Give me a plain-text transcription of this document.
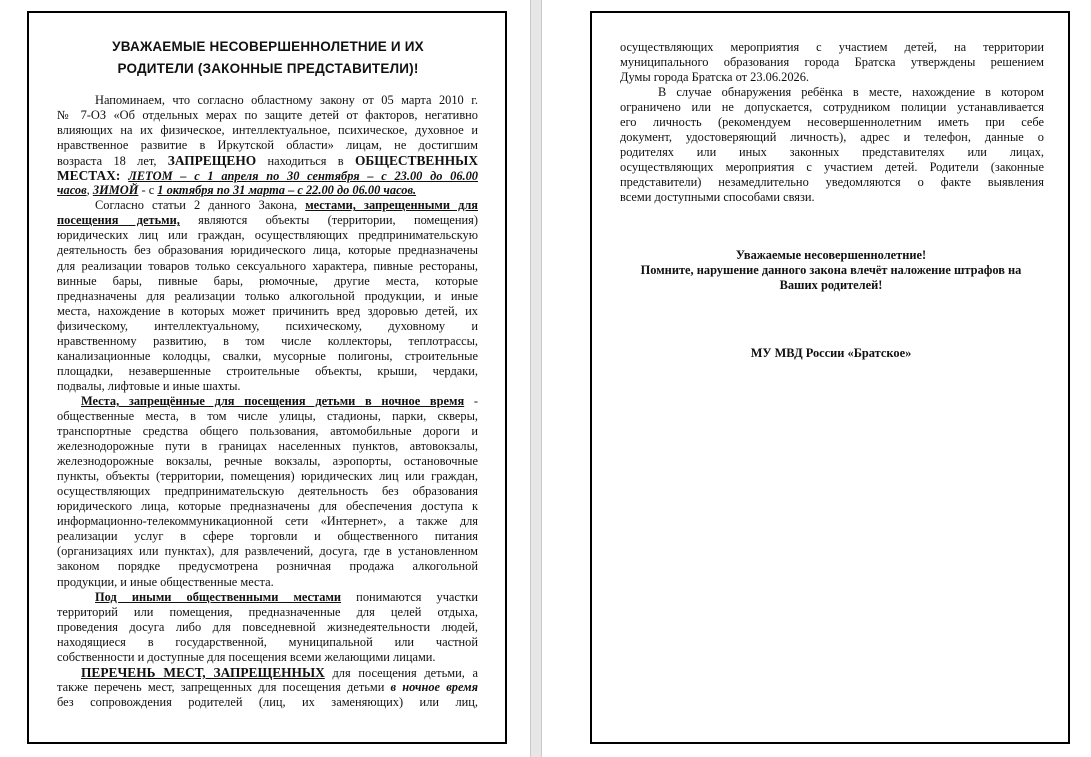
УВАЖАЕМЫЕ НЕСОВЕРШЕННОЛЕТНИЕ И ИХ
РОДИТЕЛИ (ЗАКОННЫЕ ПРЕДСТАВИТЕЛИ)!
Напоминаем, что согласно областному закону от 05 марта 2010 г.
№ 7-ОЗ «Об отдельных мерах по защите детей от факторов, негативно
влияющих на их физическое, интеллектуальное, психическое, духовное и
нравственное развитие в Иркутской области» лицам, не достигшим
возраста 18 лет, ЗАПРЕЩЕНО находиться в ОБЩЕСТВЕННЫХ
МЕСТАХ: ЛЕТОМ – с 1 апреля по 30 сентября – с 23.00 до 06.00
часов, ЗИМОЙ - с 1 октября по 31 марта – с 22.00 до 06.00 часов.
Согласно статьи 2 данного Закона, местами, запрещенными для
посещения детьми, являются объекты (территории, помещения)
юридических лиц или граждан, осуществляющих предпринимательскую
деятельность без образования юридического лица, которые предназначены
для реализации товаров только сексуального характера, пивные рестораны,
винные бары, пивные бары, рюмочные, другие места, которые
предназначены для реализации только алкогольной продукции, и иные
места, нахождение в которых может причинить вред здоровью детей, их
физическому, интеллектуальному, психическому, духовному и
нравственному развитию, в том числе коллекторы, теплотрассы,
канализационные колодцы, свалки, мусорные полигоны, строительные
площадки, незавершенные строительные объекты, крыши, чердаки,
подвалы, лифтовые и иные шахты.
Места, запрещённые для посещения детьми в ночное время -
общественные места, в том числе улицы, стадионы, парки, скверы,
транспортные средства общего пользования, автомобильные дороги и
железнодорожные пути в границах населенных пунктов, автовокзалы,
железнодорожные вокзалы, речные вокзалы, аэропорты, остановочные
пункты, объекты (территории, помещения) юридических лиц или граждан,
осуществляющих предпринимательскую деятельность без образования
юридического лица, которые предназначены для обеспечения доступа к
информационно-телекоммуникационной сети «Интернет», а также для
реализации услуг в сфере торговли и общественного питания
(организациях или пунктах), для развлечений, досуга, где в установленном
законом порядке предусмотрена розничная продажа алкогольной
продукции, и иные общественные места.
Под иными общественными местами понимаются участки
территорий или помещения, предназначенные для целей отдыха,
проведения досуга либо для повседневной жизнедеятельности людей,
находящиеся в государственной, муниципальной или частной
собственности и доступные для посещения всеми желающими лицами.
ПЕРЕЧЕНЬ МЕСТ, ЗАПРЕЩЕННЫХ для посещения детьми, а
также перечень мест, запрещенных для посещения детьми в ночное время
без сопровождения родителей (лиц, их заменяющих) или лиц,
осуществляющих мероприятия с участием детей, на территории
муниципального образования города Братска утверждены решением
Думы города Братска от 23.06.2026.
В случае обнаружения ребёнка в месте, нахождение в котором
ограничено или не допускается, сотрудником полиции устанавливается
его личность (рекомендуем несовершеннолетним иметь при себе
документ, удостоверяющий личность), адрес и телефон, данные о
родителях или иных законных представителях или лицах,
осуществляющих мероприятия с участием детей. Родители (законные
представители) незамедлительно уведомляются о факте выявления
всеми доступными способами связи.
Уважаемые несовершеннолетние!
Помните, нарушение данного закона влечёт наложение штрафов на
Ваших родителей!
МУ МВД России «Братское»
